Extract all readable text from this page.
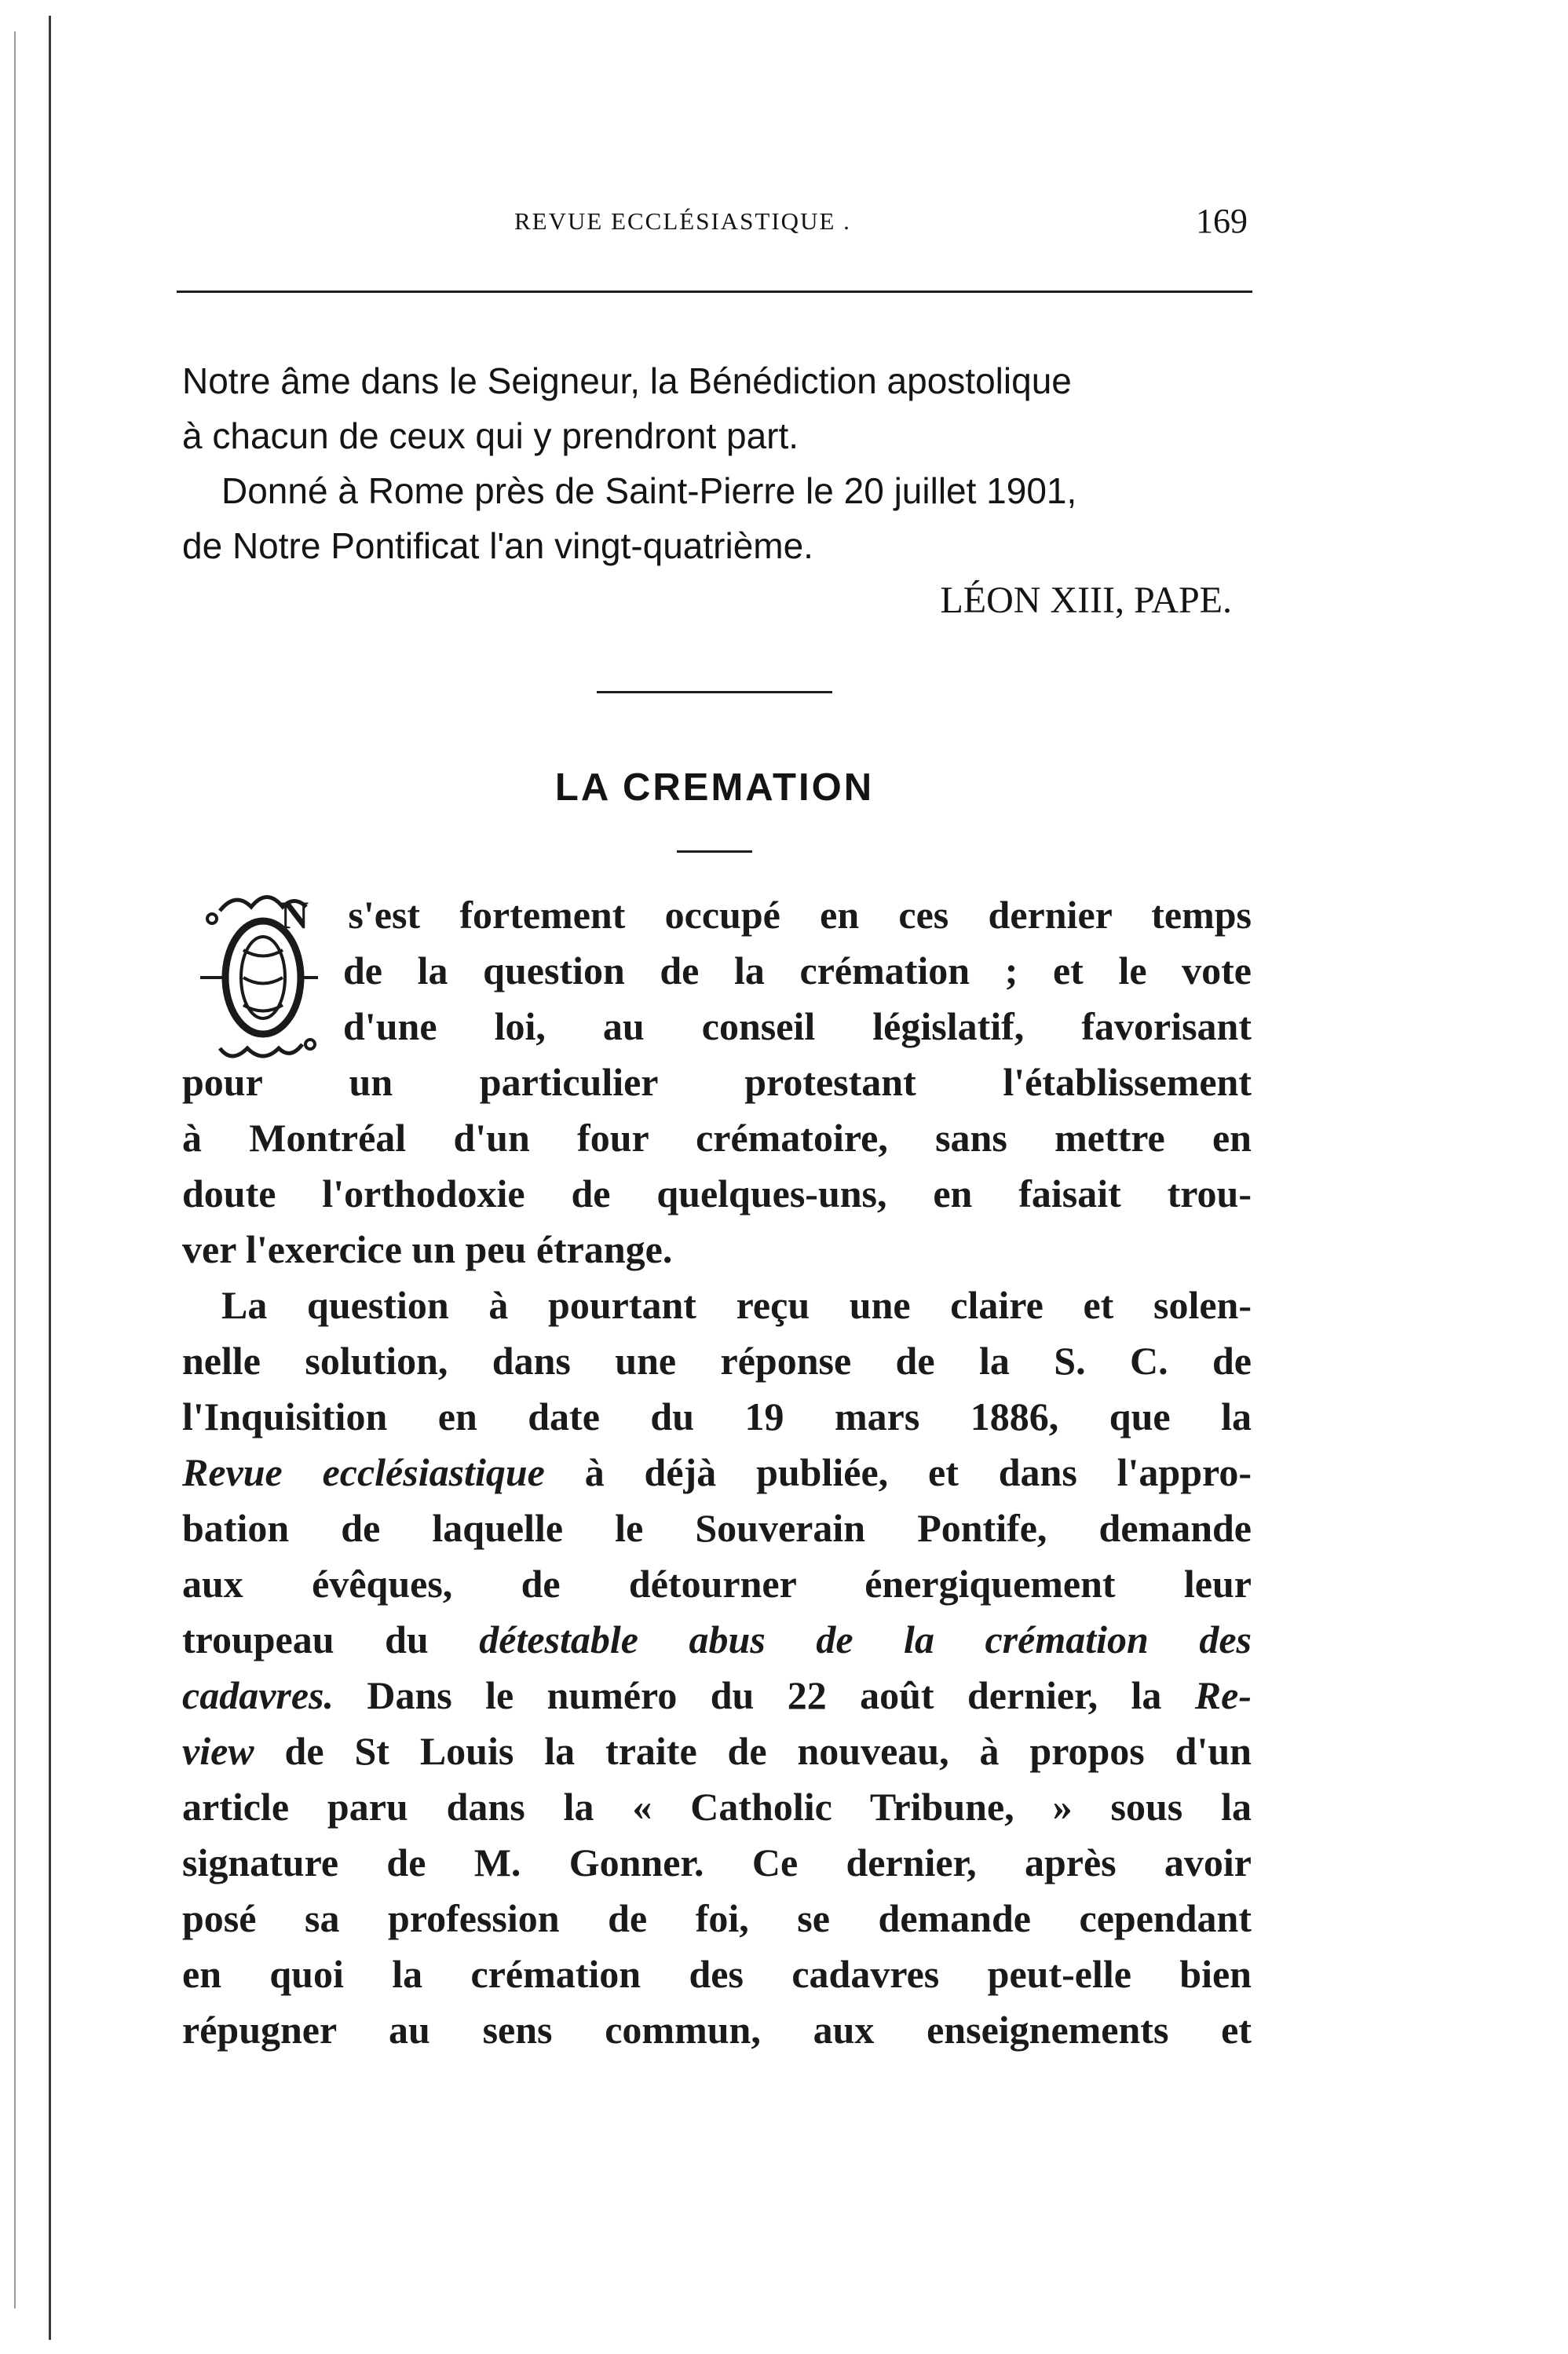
REVUE ECCLÉSIASTIQUE .	169
Notre âme dans le Seigneur, la Bénédiction apostolique
à chacun de ceux qui y prendront part.
Donné à Rome près de Saint-Pierre le 20 juillet 1901,
de Notre Pontificat l'an vingt-quatrième.
LÉON XIII, PAPE.
LA CREMATION
N s'est fortement occupé en ces dernier temps
de la question de la crémation ; et le vote
d'une loi, au conseil législatif, favorisant
pour un particulier protestant l'établissement
à Montréal d'un four crématoire, sans mettre en
doute l'orthodoxie de quelques-uns, en faisait trou-
ver l'exercice un peu étrange.
La question à pourtant reçu une claire et solen-
nelle solution, dans une réponse de la S. C. de
l'Inquisition en date du 19 mars 1886, que la
Revue ecclésiastique à déjà publiée, et dans l'appro-
bation de laquelle le Souverain Pontife, demande
aux évêques, de détourner énergiquement leur
troupeau du détestable abus de la crémation des
cadavres. Dans le numéro du 22 août dernier, la Re-
view de St Louis la traite de nouveau, à propos d'un
article paru dans la « Catholic Tribune, » sous la
signature de M. Gonner. Ce dernier, après avoir
posé sa profession de foi, se demande cependant
en quoi la crémation des cadavres peut-elle bien
répugner au sens commun, aux enseignements et
